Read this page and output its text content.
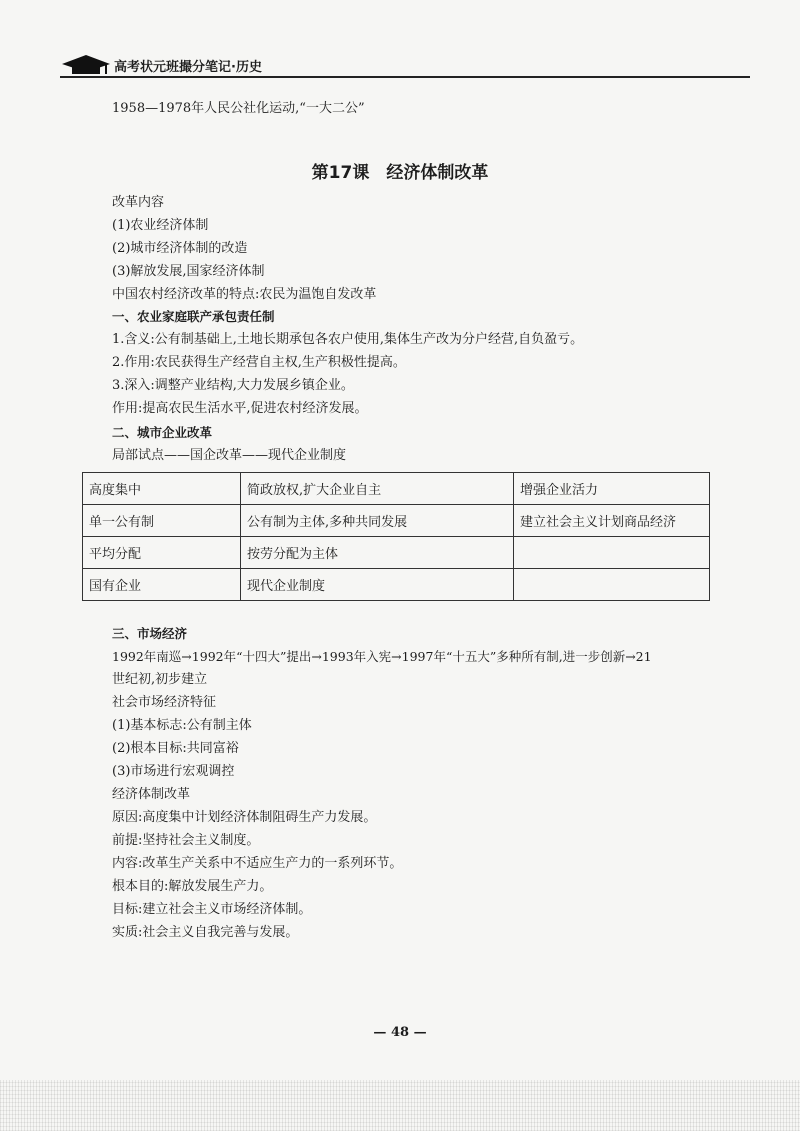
高考状元班撮分笔记·历史
1958—1978年人民公社化运动,“一大二公”
第17课　经济体制改革
改革内容
(1)农业经济体制
(2)城市经济体制的改造
(3)解放发展,国家经济体制
中国农村经济改革的特点:农民为温饱自发改革
一、农业家庭联产承包责任制
1.含义:公有制基础上,土地长期承包各农户使用,集体生产改为分户经营,自负盈亏。
2.作用:农民获得生产经营自主权,生产积极性提高。
3.深入:调整产业结构,大力发展乡镇企业。
作用:提高农民生活水平,促进农村经济发展。
二、城市企业改革
局部试点——国企改革——现代企业制度
高度集中	简政放权,扩大企业自主	增强企业活力
单一公有制	公有制为主体,多种共同发展	建立社会主义计划商品经济
平均分配	按劳分配为主体	
国有企业	现代企业制度	
三、市场经济
1992年南巡→1992年“十四大”提出→1993年入宪→1997年“十五大”多种所有制,进一步创新→21
世纪初,初步建立
社会市场经济特征
(1)基本标志:公有制主体
(2)根本目标:共同富裕
(3)市场进行宏观调控
经济体制改革
原因:高度集中计划经济体制阻碍生产力发展。
前提:坚持社会主义制度。
内容:改革生产关系中不适应生产力的一系列环节。
根本目的:解放发展生产力。
目标:建立社会主义市场经济体制。
实质:社会主义自我完善与发展。
— 48 —
